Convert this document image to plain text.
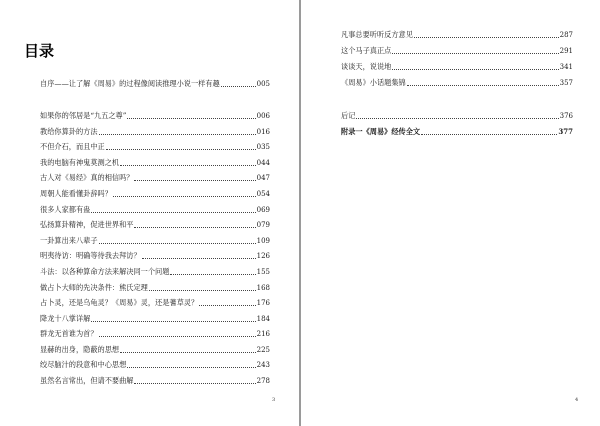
目录
自序——让了解《周易》的过程像阅读推理小说一样有趣	005
如果你的邻居是“九五之尊”	006
教给你算卦的方法	016
不但介石，而且中正	035
我的电脑有神鬼莫测之机	044
古人对《易经》真的相信吗？	047
周朝人能看懂卦辞吗？	054
很多人家都有蛊	069
弘扬算卦精神，促进世界和平	079
一卦算出来八辈子	109
明夷待访：明确等待我去拜访？	126
斗法：以各种算命方法来解决同一个问题	155
做占卜大师的先决条件：熊氏定理	168
占卜灵，还是乌龟灵？《周易》灵，还是蓍草灵？	176
降龙十八掌详解	184
群龙无首谁为首？	216
显赫的出身，隐蔽的思想	225
绞尽脑汁的段意和中心思想	243
虽然名言常出，但请不要曲解	278
3
凡事总要听听反方意见	287
这个马子真正点	291
谈谈天，说说地	341
《周易》小话题集锦	357
后记	376
附录一《周易》经传全文	377
4
